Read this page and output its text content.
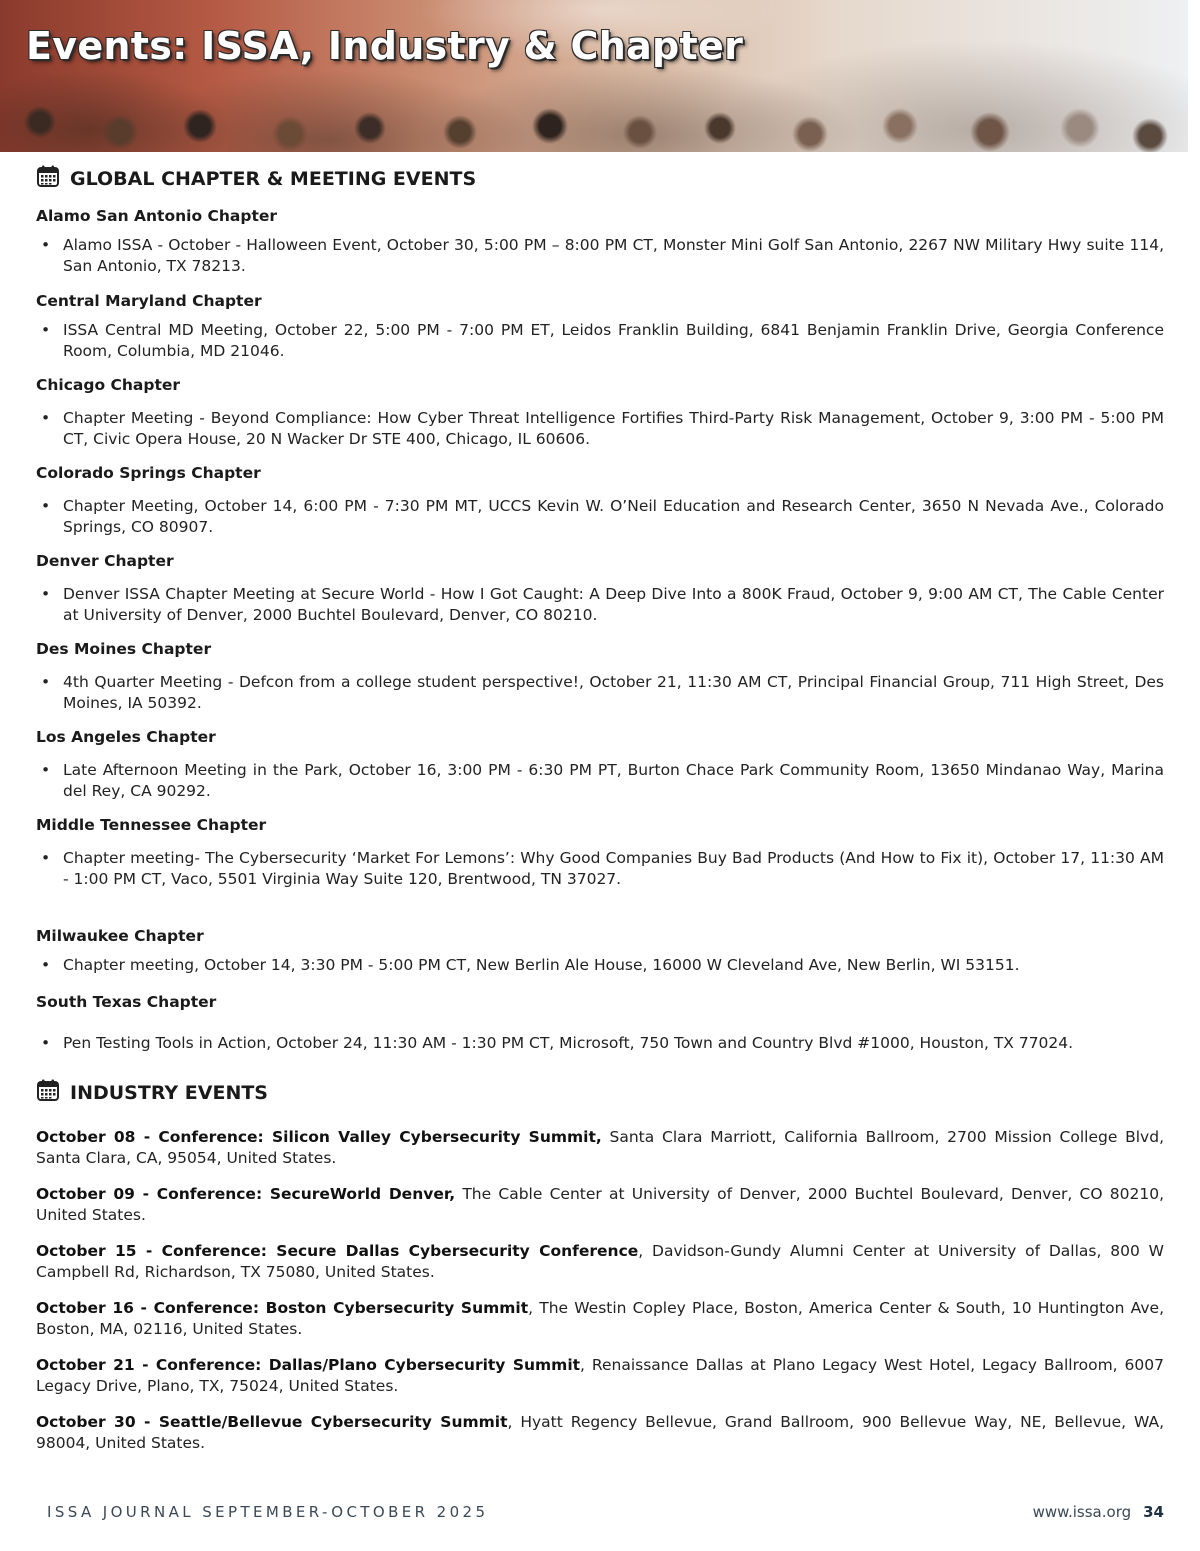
Events: ISSA, Industry & Chapter
GLOBAL CHAPTER & MEETING EVENTS

Alamo San Antonio Chapter

• Alamo ISSA - October - Halloween Event, October 30, 5:00 PM – 8:00 PM CT, Monster Mini Golf San Antonio, 2267 NW Military Hwy suite 114, San Antonio, TX 78213.

Central Maryland Chapter

• ISSA Central MD Meeting, October 22, 5:00 PM - 7:00 PM ET, Leidos Franklin Building, 6841 Benjamin Franklin Drive, Georgia Conference Room, Columbia, MD 21046.

Chicago Chapter

• Chapter Meeting - Beyond Compliance: How Cyber Threat Intelligence Fortifies Third-Party Risk Management, October 9, 3:00 PM - 5:00 PM CT, Civic Opera House, 20 N Wacker Dr STE 400, Chicago, IL 60606.

Colorado Springs Chapter

• Chapter Meeting, October 14, 6:00 PM - 7:30 PM MT, UCCS Kevin W. O’Neil Education and Research Center, 3650 N Nevada Ave., Colorado Springs, CO 80907.

Denver Chapter

• Denver ISSA Chapter Meeting at Secure World - How I Got Caught: A Deep Dive Into a 800K Fraud, October 9, 9:00 AM CT, The Cable Center at University of Denver, 2000 Buchtel Boulevard, Denver, CO 80210.

Des Moines Chapter

• 4th Quarter Meeting - Defcon from a college student perspective!, October 21, 11:30 AM CT, Principal Financial Group, 711 High Street, Des Moines, IA 50392.

Los Angeles Chapter

• Late Afternoon Meeting in the Park, October 16, 3:00 PM - 6:30 PM PT, Burton Chace Park Community Room, 13650 Mindanao Way, Marina del Rey, CA 90292.

Middle Tennessee Chapter

• Chapter meeting- The Cybersecurity ‘Market For Lemons’: Why Good Companies Buy Bad Products (And How to Fix it), October 17, 11:30 AM - 1:00 PM CT, Vaco, 5501 Virginia Way Suite 120, Brentwood, TN 37027.

Milwaukee Chapter

• Chapter meeting, October 14, 3:30 PM - 5:00 PM CT, New Berlin Ale House, 16000 W Cleveland Ave, New Berlin, WI 53151.

South Texas Chapter

• Pen Testing Tools in Action, October 24, 11:30 AM - 1:30 PM CT, Microsoft, 750 Town and Country Blvd #1000, Houston, TX 77024.
INDUSTRY EVENTS

October 08 - Conference: Silicon Valley Cybersecurity Summit, Santa Clara Marriott, California Ballroom, 2700 Mission College Blvd, Santa Clara, CA, 95054, United States.

October 09 - Conference: SecureWorld Denver, The Cable Center at University of Denver, 2000 Buchtel Boulevard, Denver, CO 80210, United States.

October 15 - Conference: Secure Dallas Cybersecurity Conference, Davidson-Gundy Alumni Center at University of Dallas, 800 W Campbell Rd, Richardson, TX 75080, United States.

October 16 - Conference: Boston Cybersecurity Summit, The Westin Copley Place, Boston, America Center & South, 10 Huntington Ave, Boston, MA, 02116, United States.

October 21 - Conference: Dallas/Plano Cybersecurity Summit, Renaissance Dallas at Plano Legacy West Hotel, Legacy Ballroom, 6007 Legacy Drive, Plano, TX, 75024, United States.

October 30 - Seattle/Bellevue Cybersecurity Summit, Hyatt Regency Bellevue, Grand Ballroom, 900 Bellevue Way, NE, Bellevue, WA, 98004, United States.

ISSA JOURNAL SEPTEMBER-OCTOBER 2025	www.issa.org 34
